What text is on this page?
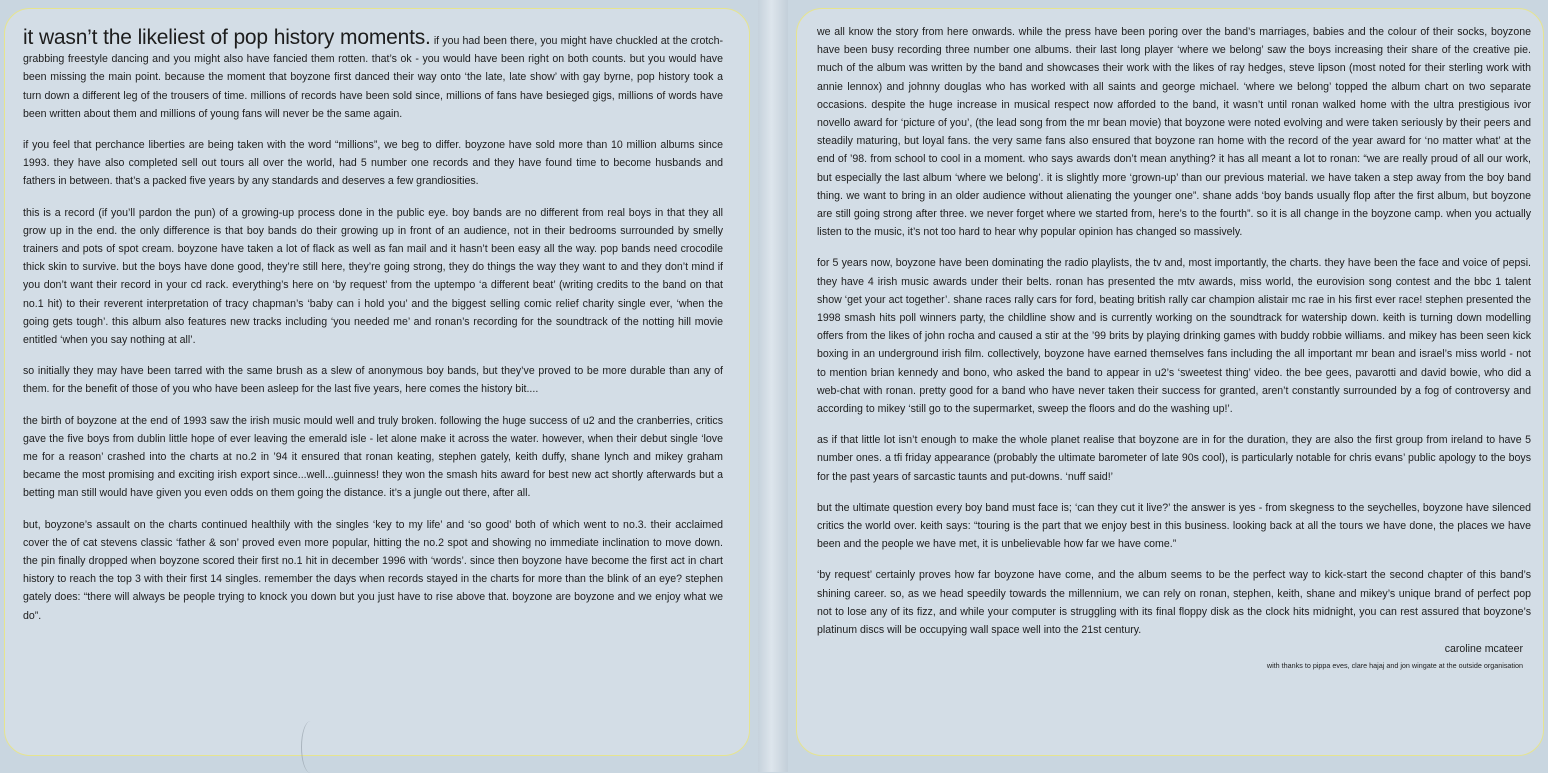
it wasn’t the likeliest of pop history moments. if you had been there, you might have chuckled at the crotch-grabbing freestyle dancing and you might also have fancied them rotten. that’s ok - you would have been right on both counts. but you would have been missing the main point. because the moment that boyzone first danced their way onto ‘the late, late show’ with gay byrne, pop history took a turn down a different leg of the trousers of time. millions of records have been sold since, millions of fans have besieged gigs, millions of words have been written about them and millions of young fans will never be the same again.

if you feel that perchance liberties are being taken with the word “millions”, we beg to differ. boyzone have sold more than 10 million albums since 1993. they have also completed sell out tours all over the world, had 5 number one records and they have found time to become husbands and fathers in between. that’s a packed five years by any standards and deserves a few grandiosities.

this is a record (if you’ll pardon the pun) of a growing-up process done in the public eye. boy bands are no different from real boys in that they all grow up in the end. the only difference is that boy bands do their growing up in front of an audience, not in their bedrooms surrounded by smelly trainers and pots of spot cream. boyzone have taken a lot of flack as well as fan mail and it hasn’t been easy all the way. pop bands need crocodile thick skin to survive. but the boys have done good, they’re still here, they’re going strong, they do things the way they want to and they don’t mind if you don’t want their record in your cd rack. everything’s here on ‘by request’ from the uptempo ‘a different beat’ (writing credits to the band on that no.1 hit) to their reverent interpretation of tracy chapman’s ‘baby can i hold you’ and the biggest selling comic relief charity single ever, ‘when the going gets tough’. this album also features new tracks including ‘you needed me’ and ronan’s recording for the soundtrack of the notting hill movie entitled ‘when you say nothing at all’.

so initially they may have been tarred with the same brush as a slew of anonymous boy bands, but they’ve proved to be more durable than any of them. for the benefit of those of you who have been asleep for the last five years, here comes the history bit....

the birth of boyzone at the end of 1993 saw the irish music mould well and truly broken. following the huge success of u2 and the cranberries, critics gave the five boys from dublin little hope of ever leaving the emerald isle - let alone make it across the water. however, when their debut single ‘love me for a reason’ crashed into the charts at no.2 in ’94 it ensured that ronan keating, stephen gately, keith duffy, shane lynch and mikey graham became the most promising and exciting irish export since...well...guinness! they won the smash hits award for best new act shortly afterwards but a betting man still would have given you even odds on them going the distance. it’s a jungle out there, after all.

but, boyzone’s assault on the charts continued healthily with the singles ‘key to my life’ and ‘so good’ both of which went to no.3. their acclaimed cover the of cat stevens classic ‘father & son’ proved even more popular, hitting the no.2 spot and showing no immediate inclination to move down. the pin finally dropped when boyzone scored their first no.1 hit in december 1996 with ‘words’. since then boyzone have become the first act in chart history to reach the top 3 with their first 14 singles. remember the days when records stayed in the charts for more than the blink of an eye? stephen gately does: “there will always be people trying to knock you down but you just have to rise above that. boyzone are boyzone and we enjoy what we do”.

we all know the story from here onwards. while the press have been poring over the band’s marriages, babies and the colour of their socks, boyzone have been busy recording three number one albums. their last long player ‘where we belong’ saw the boys increasing their share of the creative pie. much of the album was written by the band and showcases their work with the likes of ray hedges, steve lipson (most noted for their sterling work with annie lennox) and johnny douglas who has worked with all saints and george michael. ‘where we belong’ topped the album chart on two separate occasions. despite the huge increase in musical respect now afforded to the band, it wasn’t until ronan walked home with the ultra prestigious ivor novello award for ‘picture of you’, (the lead song from the mr bean movie) that boyzone were noted evolving and were taken seriously by their peers and steadily maturing, but loyal fans. the very same fans also ensured that boyzone ran home with the record of the year award for ‘no matter what’ at the end of ’98. from school to cool in a moment. who says awards don’t mean anything? it has all meant a lot to ronan: “we are really proud of all our work, but especially the last album ‘where we belong’. it is slightly more ‘grown-up’ than our previous material. we have taken a step away from the boy band thing. we want to bring in an older audience without alienating the younger one”. shane adds ‘boy bands usually flop after the first album, but boyzone are still going strong after three. we never forget where we started from, here’s to the fourth”. so it is all change in the boyzone camp. when you actually listen to the music, it’s not too hard to hear why popular opinion has changed so massively.

for 5 years now, boyzone have been dominating the radio playlists, the tv and, most importantly, the charts. they have been the face and voice of pepsi. they have 4 irish music awards under their belts. ronan has presented the mtv awards, miss world, the eurovision song contest and the bbc 1 talent show ‘get your act together’. shane races rally cars for ford, beating british rally car champion alistair mc rae in his first ever race! stephen presented the 1998 smash hits poll winners party, the childline show and is currently working on the soundtrack for watership down. keith is turning down modelling offers from the likes of john rocha and caused a stir at the ’99 brits by playing drinking games with buddy robbie williams. and mikey has been seen kick boxing in an underground irish film. collectively, boyzone have earned themselves fans including the all important mr bean and israel’s miss world - not to mention brian kennedy and bono, who asked the band to appear in u2’s ‘sweetest thing’ video. the bee gees, pavarotti and david bowie, who did a web-chat with ronan. pretty good for a band who have never taken their success for granted, aren’t constantly surrounded by a fog of controversy and according to mikey ‘still go to the supermarket, sweep the floors and do the washing up!’.

as if that little lot isn’t enough to make the whole planet realise that boyzone are in for the duration, they are also the first group from ireland to have 5 number ones. a tfi friday appearance (probably the ultimate barometer of late 90s cool), is particularly notable for chris evans’ public apology to the boys for the past years of sarcastic taunts and put-downs. ‘nuff said!’

but the ultimate question every boy band must face is; ‘can they cut it live?’ the answer is yes - from skegness to the seychelles, boyzone have silenced critics the world over. keith says: “touring is the part that we enjoy best in this business. looking back at all the tours we have done, the places we have been and the people we have met, it is unbelievable how far we have come.”

‘by request’ certainly proves how far boyzone have come, and the album seems to be the perfect way to kick-start the second chapter of this band’s shining career. so, as we head speedily towards the millennium, we can rely on ronan, stephen, keith, shane and mikey’s unique brand of perfect pop not to lose any of its fizz, and while your computer is struggling with its final floppy disk as the clock hits midnight, you can rest assured that boyzone’s platinum discs will be occupying wall space well into the 21st century.

caroline mcateer
with thanks to pippa eves, clare hajaj and jon wingate at the outside organisation
